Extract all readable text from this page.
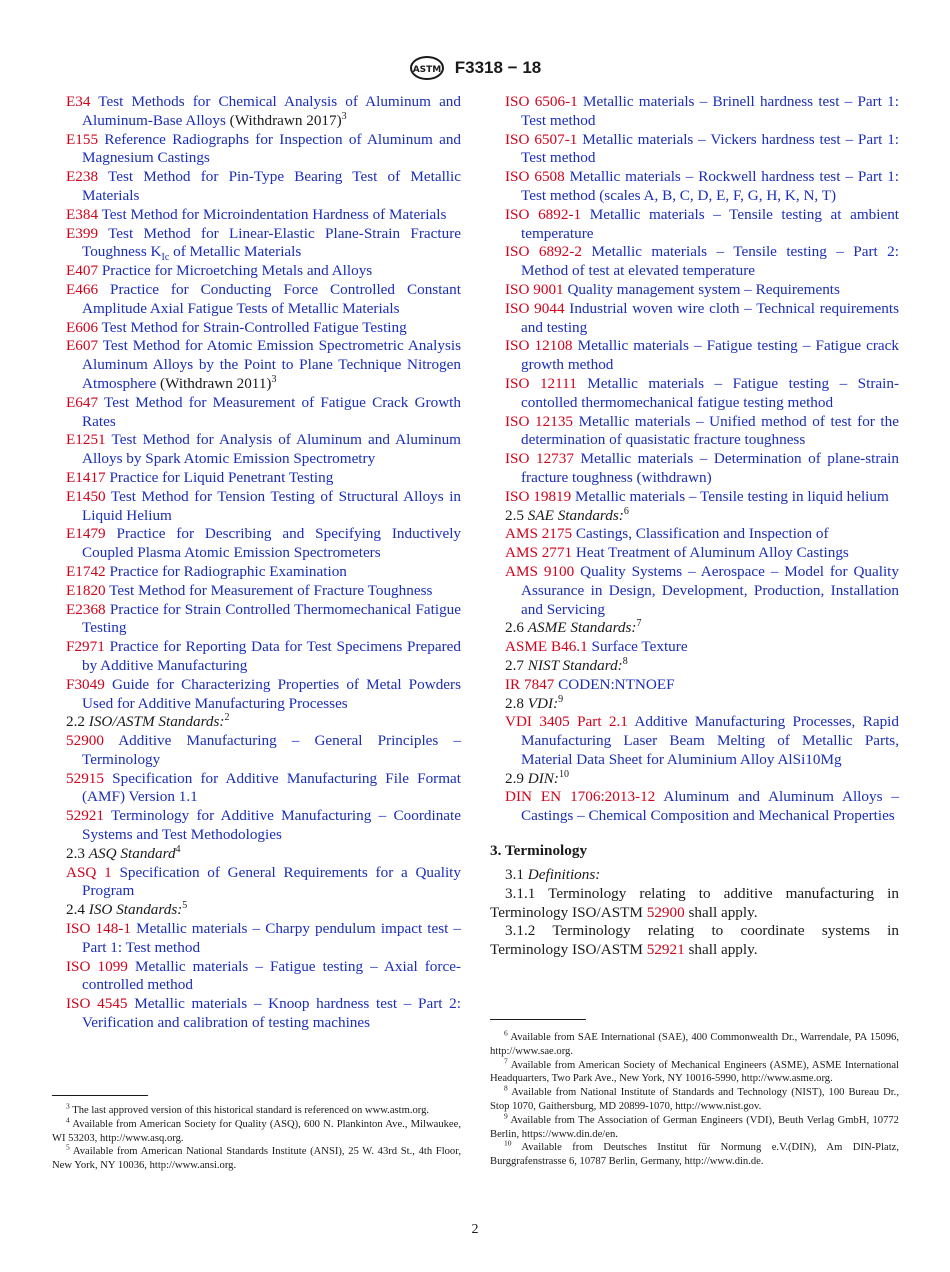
ASTM F3318 − 18

E34 Test Methods for Chemical Analysis of Aluminum and Aluminum-Base Alloys (Withdrawn 2017)$^3$

E155 Reference Radiographs for Inspection of Aluminum and Magnesium Castings

E238 Test Method for Pin-Type Bearing Test of Metallic Materials

E384 Test Method for Microindentation Hardness of Materials

E399 Test Method for Linear-Elastic Plane-Strain Fracture Toughness $K_{Ic}$ of Metallic Materials

E407 Practice for Microetching Metals and Alloys

E466 Practice for Conducting Force Controlled Constant Amplitude Axial Fatigue Tests of Metallic Materials

E606 Test Method for Strain-Controlled Fatigue Testing

E607 Test Method for Atomic Emission Spectrometric Analysis Aluminum Alloys by the Point to Plane Technique Nitrogen Atmosphere (Withdrawn 2011)$^3$

E647 Test Method for Measurement of Fatigue Crack Growth Rates

E1251 Test Method for Analysis of Aluminum and Aluminum Alloys by Spark Atomic Emission Spectrometry

E1417 Practice for Liquid Penetrant Testing

E1450 Test Method for Tension Testing of Structural Alloys in Liquid Helium

E1479 Practice for Describing and Specifying Inductively Coupled Plasma Atomic Emission Spectrometers

E1742 Practice for Radiographic Examination

E1820 Test Method for Measurement of Fracture Toughness

E2368 Practice for Strain Controlled Thermomechanical Fatigue Testing

F2971 Practice for Reporting Data for Test Specimens Prepared by Additive Manufacturing

F3049 Guide for Characterizing Properties of Metal Powders Used for Additive Manufacturing Processes

2.2 ISO/ASTM Standards:$^2$

52900 Additive Manufacturing – General Principles – Terminology

52915 Specification for Additive Manufacturing File Format (AMF) Version 1.1

52921 Terminology for Additive Manufacturing – Coordinate Systems and Test Methodologies

2.3 ASQ Standard$^4$

ASQ 1 Specification of General Requirements for a Quality Program

2.4 ISO Standards:$^5$

ISO 148-1 Metallic materials – Charpy pendulum impact test – Part 1: Test method

ISO 1099 Metallic materials – Fatigue testing – Axial force-controlled method

ISO 4545 Metallic materials – Knoop hardness test – Part 2: Verification and calibration of testing machines

ISO 6506-1 Metallic materials – Brinell hardness test – Part 1: Test method

ISO 6507-1 Metallic materials – Vickers hardness test – Part 1: Test method

ISO 6508 Metallic materials – Rockwell hardness test – Part 1: Test method (scales A, B, C, D, E, F, G, H, K, N, T)

ISO 6892-1 Metallic materials – Tensile testing at ambient temperature

ISO 6892-2 Metallic materials – Tensile testing – Part 2: Method of test at elevated temperature

ISO 9001 Quality management system – Requirements

ISO 9044 Industrial woven wire cloth – Technical requirements and testing

ISO 12108 Metallic materials – Fatigue testing – Fatigue crack growth method

ISO 12111 Metallic materials – Fatigue testing – Strain-contolled thermomechanical fatigue testing method

ISO 12135 Metallic materials – Unified method of test for the determination of quasistatic fracture toughness

ISO 12737 Metallic materials – Determination of plane-strain fracture toughness (withdrawn)

ISO 19819 Metallic materials – Tensile testing in liquid helium

2.5 SAE Standards:$^6$

AMS 2175 Castings, Classification and Inspection of

AMS 2771 Heat Treatment of Aluminum Alloy Castings

AMS 9100 Quality Systems – Aerospace – Model for Quality Assurance in Design, Development, Production, Installation and Servicing

2.6 ASME Standards:$^7$

ASME B46.1 Surface Texture

2.7 NIST Standard:$^8$

IR 7847 CODEN:NTNOEF

2.8 VDI:$^9$

VDI 3405 Part 2.1 Additive Manufacturing Processes, Rapid Manufacturing Laser Beam Melting of Metallic Parts, Material Data Sheet for Aluminium Alloy AlSi10Mg

2.9 DIN:$^{10}$

DIN EN 1706:2013-12 Aluminum and Aluminum Alloys – Castings – Chemical Composition and Mechanical Properties

3. Terminology

3.1 Definitions:

3.1.1 Terminology relating to additive manufacturing in Terminology ISO/ASTM 52900 shall apply.

3.1.2 Terminology relating to coordinate systems in Terminology ISO/ASTM 52921 shall apply.

$^3$ The last approved version of this historical standard is referenced on www.astm.org.

$^4$ Available from American Society for Quality (ASQ), 600 N. Plankinton Ave., Milwaukee, WI 53203, http://www.asq.org.

$^5$ Available from American National Standards Institute (ANSI), 25 W. 43rd St., 4th Floor, New York, NY 10036, http://www.ansi.org.

$^6$ Available from SAE International (SAE), 400 Commonwealth Dr., Warrendale, PA 15096, http://www.sae.org.

$^7$ Available from American Society of Mechanical Engineers (ASME), ASME International Headquarters, Two Park Ave., New York, NY 10016-5990, http://www.asme.org.

$^8$ Available from National Institute of Standards and Technology (NIST), 100 Bureau Dr., Stop 1070, Gaithersburg, MD 20899-1070, http://www.nist.gov.

$^9$ Available from The Association of German Engineers (VDI), Beuth Verlag GmbH, 10772 Berlin, https://www.din.de/en.

$^{10}$ Available from Deutsches Institut für Normung e.V.(DIN), Am DIN-Platz, Burggrafenstrasse 6, 10787 Berlin, Germany, http://www.din.de.

2
